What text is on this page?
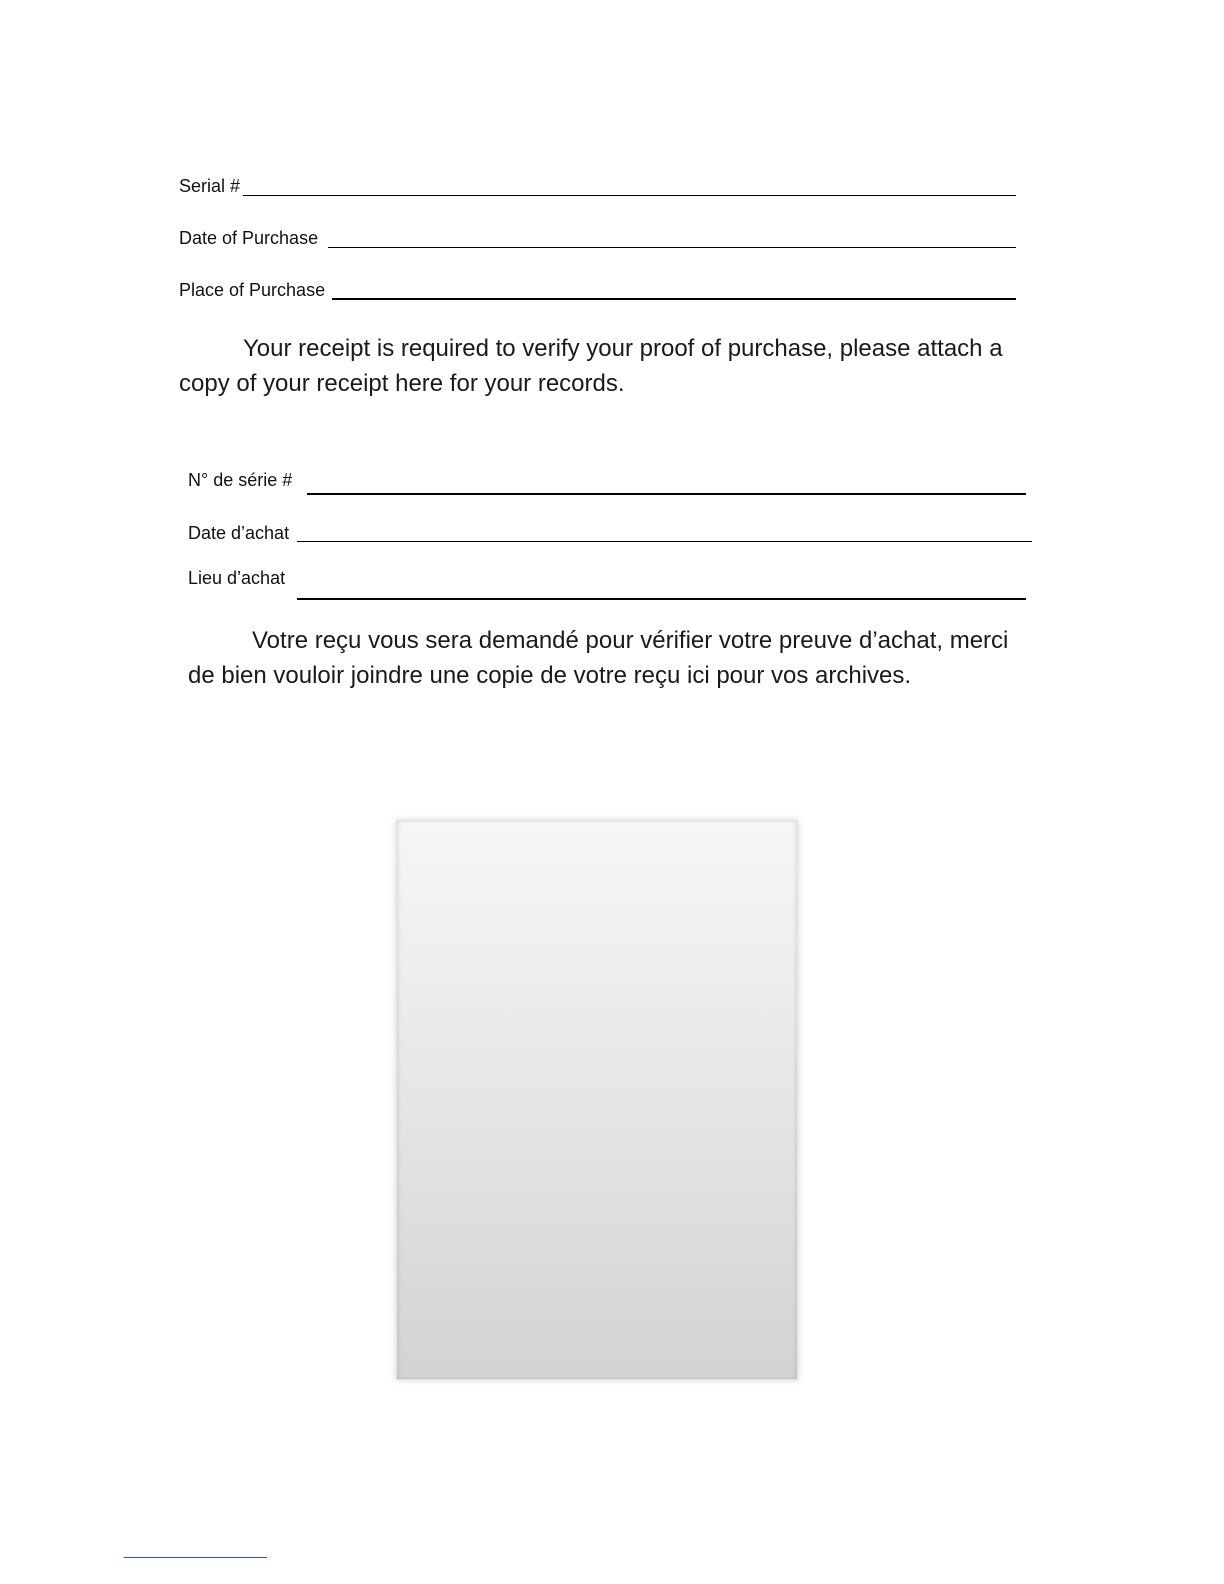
Serial #
Date of Purchase
Place of Purchase

Your receipt is required to verify your proof of purchase, please attach a copy of your receipt here for your records.

N° de série #
Date d’achat
Lieu d’achat

Votre reçu vous sera demandé pour vérifier votre preuve d’achat, merci de bien vouloir joindre une copie de votre reçu ici pour vos archives.
